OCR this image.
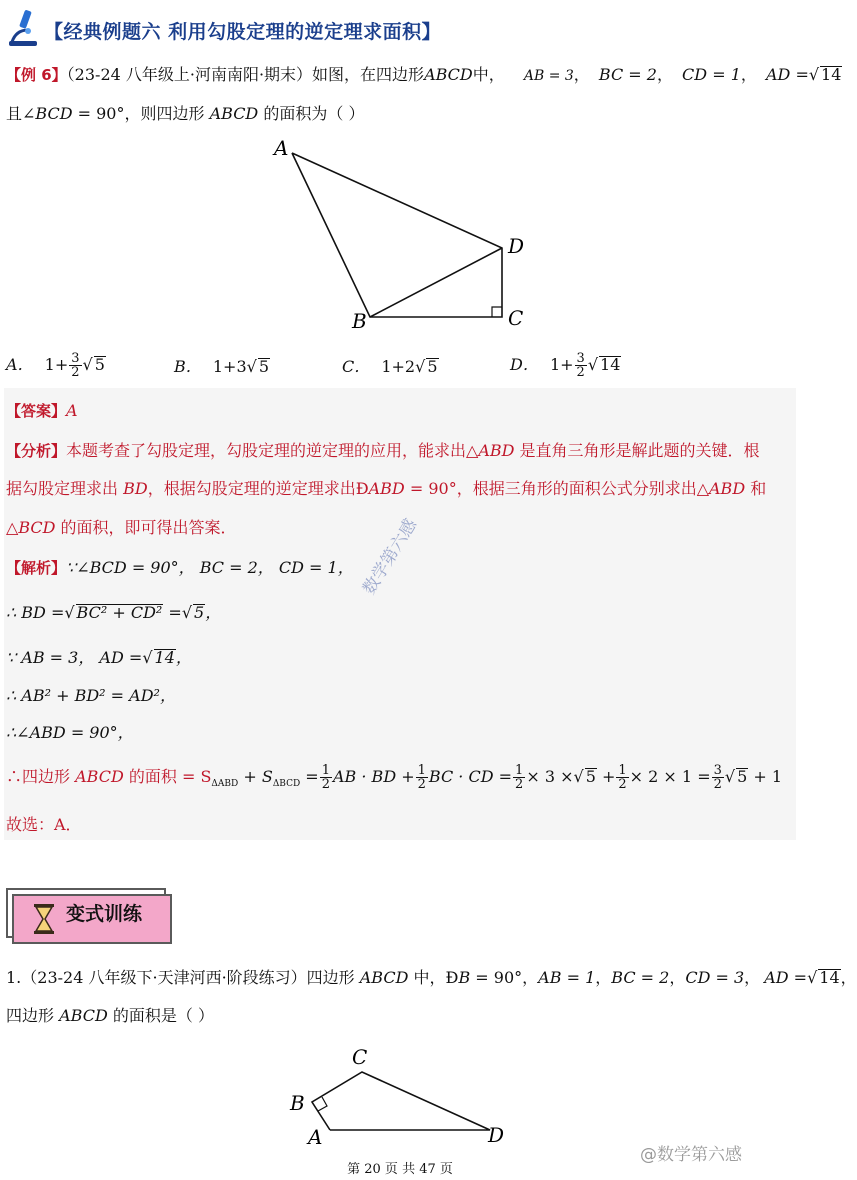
【经典例题六 利用勾股定理的逆定理求面积】
【例 6】（23-24 八年级上·河南南阳·期末）如图，在四边形ABCD中， AB = 3， BC = 2， CD = 1， AD =√ 14
且∠BCD = 90°，则四边形 ABCD 的面积为（ ）
A
D
C
B
A． $1+ \frac{3}{2}$ √ 5	B． 1+3√ 5	C． 1+2√ 5	D． $1+ \frac{3}{2}$ √ 14
【答案】A
【分析】本题考查了勾股定理，勾股定理的逆定理的应用，能求出△ABD 是直角三角形是解此题的关键．根
据勾股定理求出 BD，根据勾股定理的逆定理求出ÐABD = 90°，根据三角形的面积公式分别求出△ABD 和
△BCD 的面积，即可得出答案．
【解析】∵∠BCD = 90°， BC = 2， CD = 1，
∴ BD =√ BC² + CD² =√ 5，
∵ AB = 3， AD =√ 14，
∴ AB² + BD² = AD²，
∴∠ABD = 90°，
∴四边形 ABCD 的面积 = $S_{\Delta ABD} + S_{\Delta BCD} = \frac{1}{2}$ AB · BD + $\frac{1}{2}$ BC · CD = $\frac{1}{2} \times 3$ ×√ $5 + \frac{1}{2} \times 2 \times 1 = \frac{3}{2}$ √ 5 + 1
故选：A．
数学第六感
变式训练
1.（23-24 八年级下·天津河西·阶段练习）四边形 ABCD 中，ÐB = 90°，AB = 1，BC = 2，CD = 3， AD =√ 14，
四边形 ABCD 的面积是（ ）
C
B
A	D
第 20 页 共 47 页
@数学第六感
